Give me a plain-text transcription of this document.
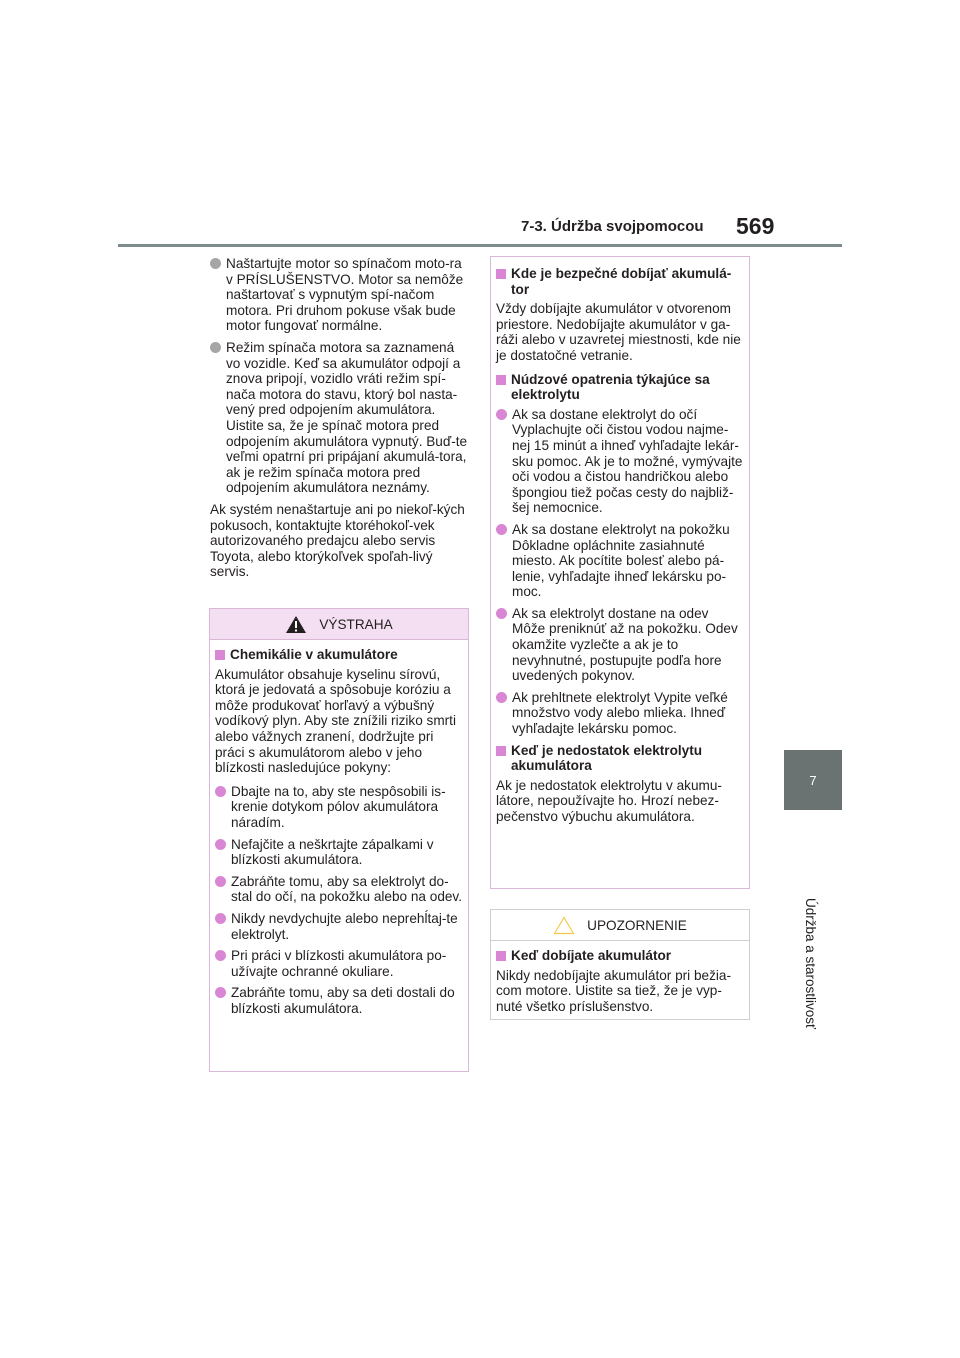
7-3. Údržba svojpomocou 569
7
Údržba a starostlivosť
Naštartujte motor so spínačom moto-ra v PRÍSLUŠENSTVO. Motor sa nemôže naštartovať s vypnutým spí-načom motora. Pri druhom pokuse však bude motor fungovať normálne.
Režim spínača motora sa zaznamená vo vozidle. Keď sa akumulátor odpojí a znova pripojí, vozidlo vráti režim spí-nača motora do stavu, ktorý bol nasta-vený pred odpojením akumulátora. Uistite sa, že je spínač motora pred odpojením akumulátora vypnutý. Buď-te veľmi opatrní pri pripájaní akumulá-tora, ak je režim spínača motora pred odpojením akumulátora neznámy.
Ak systém nenaštartuje ani po niekoľ-kých pokusoch, kontaktujte ktoréhokoľ-vek autorizovaného predajcu alebo servis Toyota, alebo ktorýkoľvek spoľah-livý servis.
VÝSTRAHA
Chemikálie v akumulátore
Akumulátor obsahuje kyselinu sírovú, ktorá je jedovatá a spôsobuje koróziu a môže produkovať horľavý a výbušný vodíkový plyn. Aby ste znížili riziko smrti alebo vážnych zranení, dodržujte pri práci s akumulátorom alebo v jeho blízkosti nasledujúce pokyny:
Dbajte na to, aby ste nespôsobili is-krenie dotykom pólov akumulátora náradím.
Nefajčite a neškrtajte zápalkami v blízkosti akumulátora.
Zabráňte tomu, aby sa elektrolyt do-stal do očí, na pokožku alebo na odev.
Nikdy nevdychujte alebo neprehĺtaj-te elektrolyt.
Pri práci v blízkosti akumulátora po-užívajte ochranné okuliare.
Zabráňte tomu, aby sa deti dostali do blízkosti akumulátora.
Kde je bezpečné dobíjať akumulá-tor
Vždy dobíjajte akumulátor v otvorenom priestore. Nedobíjajte akumulátor v ga-ráži alebo v uzavretej miestnosti, kde nie je dostatočné vetranie.
Núdzové opatrenia týkajúce sa elektrolytu
Ak sa dostane elektrolyt do očí Vyplachujte oči čistou vodou najme-nej 15 minút a ihneď vyhľadajte lekár-sku pomoc. Ak je to možné, vymývajte oči vodou a čistou handričkou alebo špongiou tiež počas cesty do najbliž-šej nemocnice.
Ak sa dostane elektrolyt na pokožku Dôkladne opláchnite zasiahnuté miesto. Ak pocítite bolesť alebo pá-lenie, vyhľadajte ihneď lekársku po-moc.
Ak sa elektrolyt dostane na odev Môže preniknúť až na pokožku. Odev okamžite vyzlečte a ak je to nevyhnutné, postupujte podľa hore uvedených pokynov.
Ak prehltnete elektrolyt Vypite veľké množstvo vody alebo mlieka. Ihneď vyhľadajte lekársku pomoc.
Keď je nedostatok elektrolytu akumulátora
Ak je nedostatok elektrolytu v akumu-látore, nepoužívajte ho. Hrozí nebez-pečenstvo výbuchu akumulátora.
UPOZORNENIE
Keď dobíjate akumulátor
Nikdy nedobíjajte akumulátor pri bežia-com motore. Uistite sa tiež, že je vyp-nuté všetko príslušenstvo.
